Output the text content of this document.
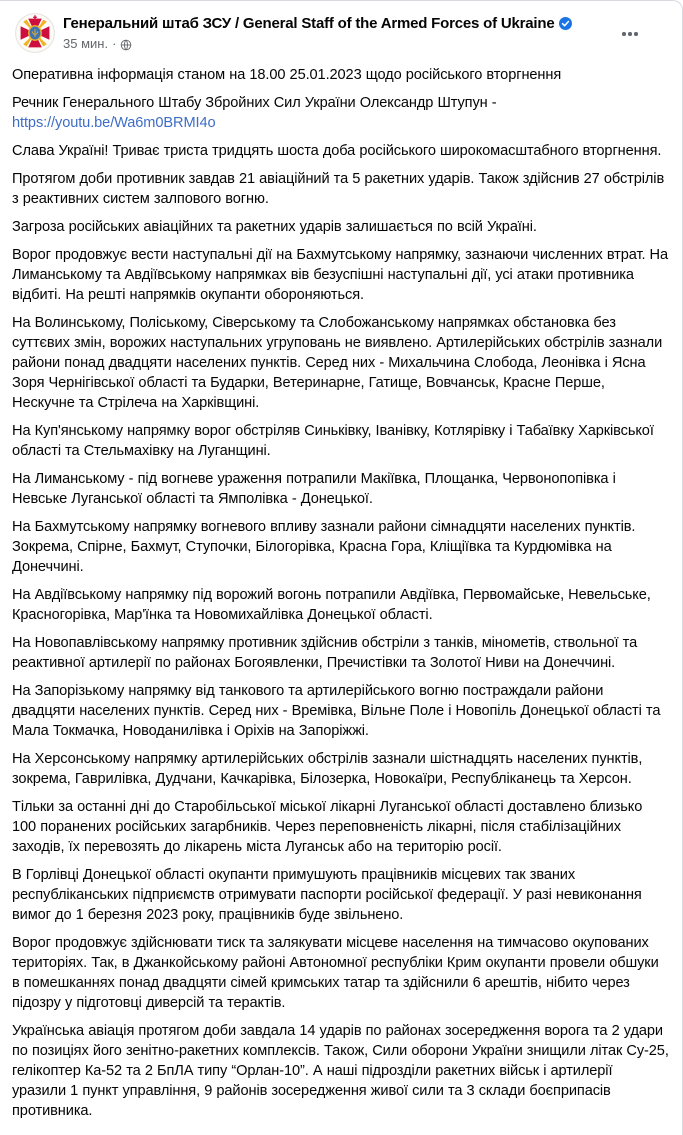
Генеральний штаб ЗСУ / General Staff of the Armed Forces of Ukraine
35 мин. ·

Оперативна інформація станом на 18.00 25.01.2023 щодо російського вторгнення

Речник Генерального Штабу Збройних Сил України Олександр Штупун - https://youtu.be/Wa6m0BRMI4o

Слава Україні! Триває триста тридцять шоста доба російського широкомасштабного вторгнення.

Протягом доби противник завдав 21 авіаційний та 5 ракетних ударів. Також здійснив 27 обстрілів з реактивних систем залпового вогню.

Загроза російських авіаційних та ракетних ударів залишається по всій Україні.

Ворог продовжує вести наступальні дії на Бахмутському напрямку, зазнаючи численних втрат. На Лиманському та Авдіївському напрямках вів безуспішні наступальні дії, усі атаки противника відбиті. На решті напрямків окупанти обороняються.

На Волинському, Поліському, Сіверському та Слобожанському напрямках обстановка без суттєвих змін, ворожих наступальних угруповань не виявлено. Артилерійських обстрілів зазнали райони понад двадцяти населених пунктів. Серед них - Михальчина Слобода, Леонівка і Ясна Зоря Чернігівської області та Бударки, Ветеринарне, Гатище, Вовчанськ, Красне Перше, Нескучне та Стрілеча на Харківщині.

На Куп'янському напрямку ворог обстріляв Синьківку, Іванівку, Котлярівку і Табаївку Харківської області та Стельмахівку на Луганщині.

На Лиманському - під вогневе ураження потрапили Макіївка, Площанка, Червонопопівка і Невське Луганської області та Ямполівка - Донецької.

На Бахмутському напрямку вогневого впливу зазнали райони сімнадцяти населених пунктів. Зокрема, Спірне, Бахмут, Ступочки, Білогорівка, Красна Гора, Кліщіївка та Курдюмівка на Донеччині.

На Авдіївському напрямку під ворожий вогонь потрапили Авдіївка, Первомайське, Невельське, Красногорівка, Мар'їнка та Новомихайлівка Донецької області.

На Новопавлівському напрямку противник здійснив обстріли з танків, мінометів, ствольної та реактивної артилерії по районах Богоявленки, Пречистівки та Золотої Ниви на Донеччині.

На Запорізькому напрямку від танкового та артилерійського вогню постраждали райони двадцяти населених пунктів. Серед них - Времівка, Вільне Поле і Новопіль Донецької області та Мала Токмачка, Новоданилівка і Оріхів на Запоріжжі.

На Херсонському напрямку артилерійських обстрілів зазнали шістнадцять населених пунктів, зокрема, Гаврилівка, Дудчани, Качкарівка, Білозерка, Новокаїри, Республіканець та Херсон.

Тільки за останні дні до Старобільської міської лікарні Луганської області доставлено близько 100 поранених російських загарбників. Через переповненість лікарні, після стабілізаційних заходів, їх перевозять до лікарень міста Луганськ або на територію росії.

В Горлівці Донецької області окупанти примушують працівників місцевих так званих республіканських підприємств отримувати паспорти російської федерації. У разі невиконання вимог до 1 березня 2023 року, працівників буде звільнено.

Ворог продовжує здійснювати тиск та залякувати місцеве населення на тимчасово окупованих територіях. Так, в Джанкойському районі Автономної республіки Крим окупанти провели обшуки в помешканнях понад двадцяти сімей кримських татар та здійснили 6 арештів, нібито через підозру у підготовці диверсій та терактів.

Українська авіація протягом доби завдала 14 ударів по районах зосередження ворога та 2 удари по позиціях його зенітно-ракетних комплексів. Також, Сили оборони України знищили літак Су-25, гелікоптер Ка-52 та 2 БпЛА типу “Орлан-10”. А наші підрозділи ракетних військ і артилерії уразили 1 пункт управління, 9 районів зосередження живої сили та 3 склади боєприпасів противника.
